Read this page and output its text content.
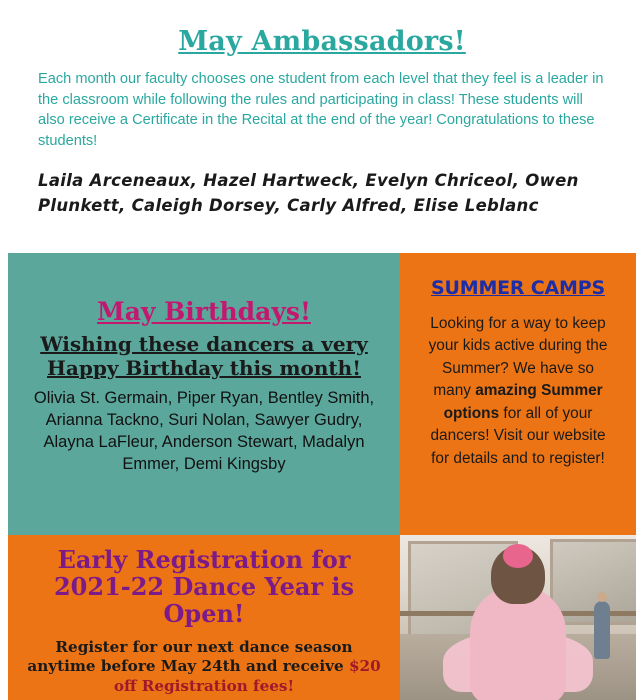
May Ambassadors!
Each month our faculty chooses one student from each level that they feel is a leader in the classroom while following the rules and participating in class! These students will also receive a Certificate in the Recital at the end of the year! Congratulations to these students!
Laila Arceneaux, Hazel Hartweck, Evelyn Chriceol, Owen Plunkett, Caleigh Dorsey, Carly Alfred, Elise Leblanc
May Birthdays!
Wishing these dancers a very Happy Birthday this month!
Olivia St. Germain, Piper Ryan, Bentley Smith, Arianna Tackno, Suri Nolan, Sawyer Gudry, Alayna LaFleur, Anderson Stewart, Madalyn Emmer, Demi Kingsby
SUMMER CAMPS
Looking for a way to keep your kids active during the Summer? We have so many amazing Summer options for all of your dancers! Visit our website for details and to register!
Early Registration for 2021-22 Dance Year is Open!
Register for our next dance season anytime before May 24th and receive $20 off Registration fees!
